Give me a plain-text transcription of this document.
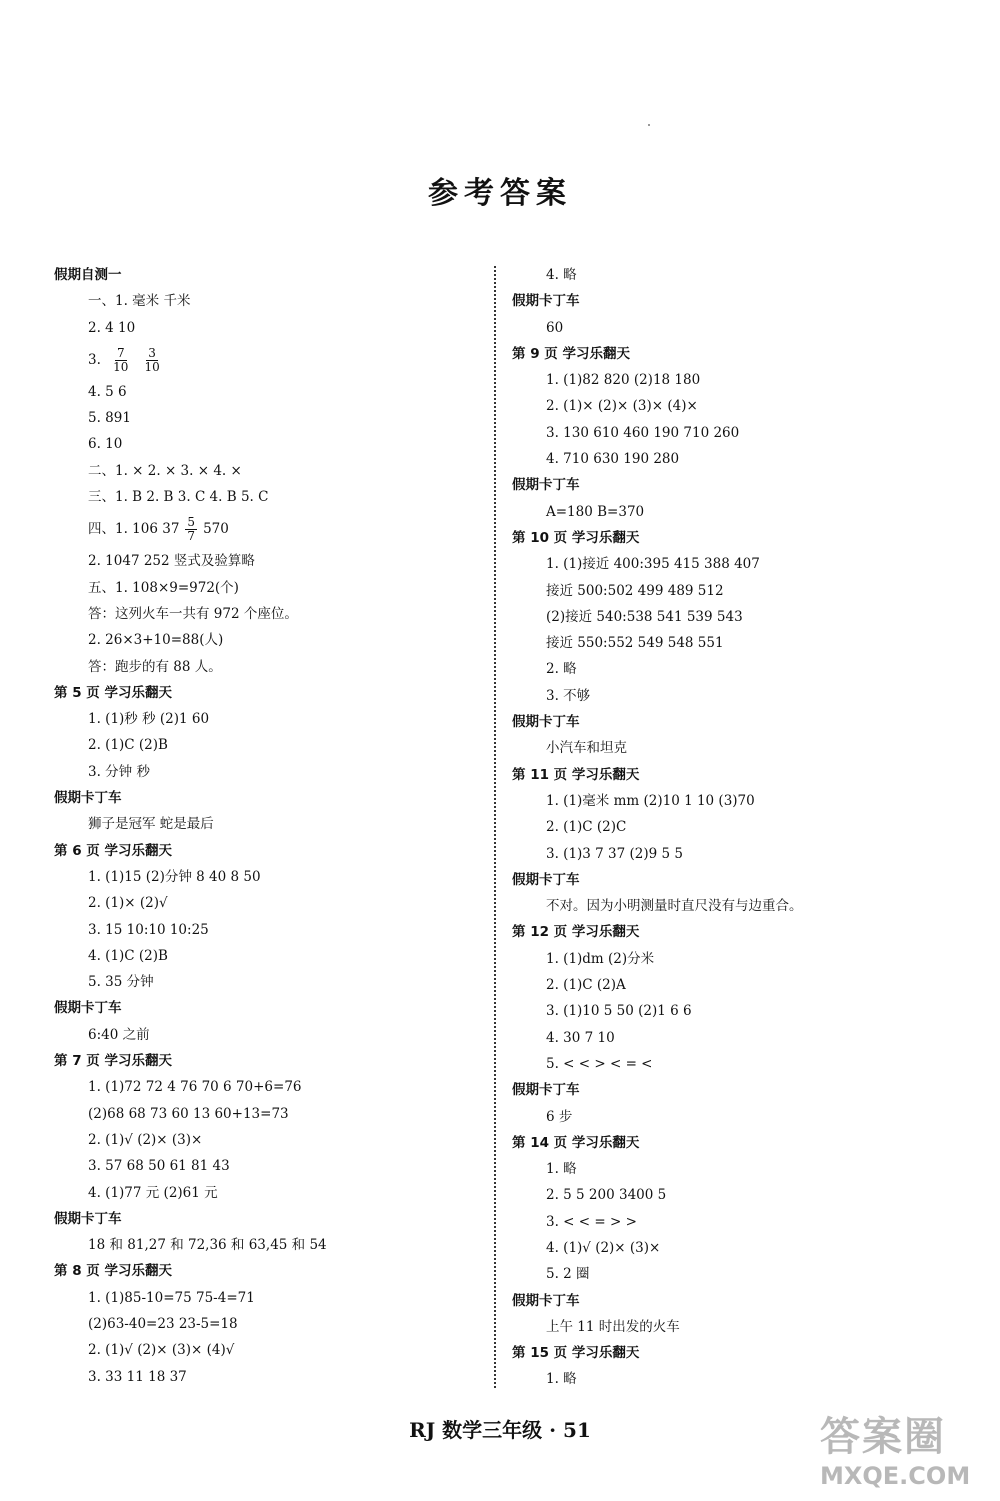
参考答案
假期自测一
一、1. 毫米 千米
2. 4 10
3. $\frac{7}{10} \frac{3}{10}$
4. 5 6
5. 891
6. 10
二、1. × 2. × 3. × 4. ×
三、1. B 2. B 3. C 4. B 5. C
四、1. 106 $37 \frac{5}{7} 570$
2. 1047 252 竖式及验算略
五、1. 108×9=972(个)
答：这列火车一共有 972 个座位。
2. 26×3+10=88(人)
答：跑步的有 88 人。
第 5 页 学习乐翻天
1. (1)秒 秒 (2)1 60
2. (1)C (2)B
3. 分钟 秒
假期卡丁车
狮子是冠军 蛇是最后
第 6 页 学习乐翻天
1. (1)15 (2)分钟 8 40 8 50
2. (1)× (2)√
3. 15 10:10 10:25
4. (1)C (2)B
5. 35 分钟
假期卡丁车
6:40 之前
第 7 页 学习乐翻天
1. (1)72 72 4 76 70 6 70+6=76
(2)68 68 73 60 13 60+13=73
2. (1)√ (2)× (3)×
3. 57 68 50 61 81 43
4. (1)77 元 (2)61 元
假期卡丁车
18 和 81,27 和 72,36 和 63,45 和 54
第 8 页 学习乐翻天
1. (1)85-10=75 75-4=71
(2)63-40=23 23-5=18
2. (1)√ (2)× (3)× (4)√
3. 33 11 18 37
4. 略
假期卡丁车
60
第 9 页 学习乐翻天
1. (1)82 820 (2)18 180
2. (1)× (2)× (3)× (4)×
3. 130 610 460 190 710 260
4. 710 630 190 280
假期卡丁车
A=180 B=370
第 10 页 学习乐翻天
1. (1)接近 400:395 415 388 407
接近 500:502 499 489 512
(2)接近 540:538 541 539 543
接近 550:552 549 548 551
2. 略
3. 不够
假期卡丁车
小汽车和坦克
第 11 页 学习乐翻天
1. (1)毫米 mm (2)10 1 10 (3)70
2. (1)C (2)C
3. (1)3 7 37 (2)9 5 5
假期卡丁车
不对。因为小明测量时直尺没有与边重合。
第 12 页 学习乐翻天
1. (1)dm (2)分米
2. (1)C (2)A
3. (1)10 5 50 (2)1 6 6
4. 30 7 10
5. < < > < = <
假期卡丁车
6 步
第 14 页 学习乐翻天
1. 略
2. 5 5 200 3400 5
3. < < = > >
4. (1)√ (2)× (3)×
5. 2 圈
假期卡丁车
上午 11 时出发的火车
第 15 页 学习乐翻天
1. 略
RJ 数学三年级 · 51	答案圈
MXQE.COM
